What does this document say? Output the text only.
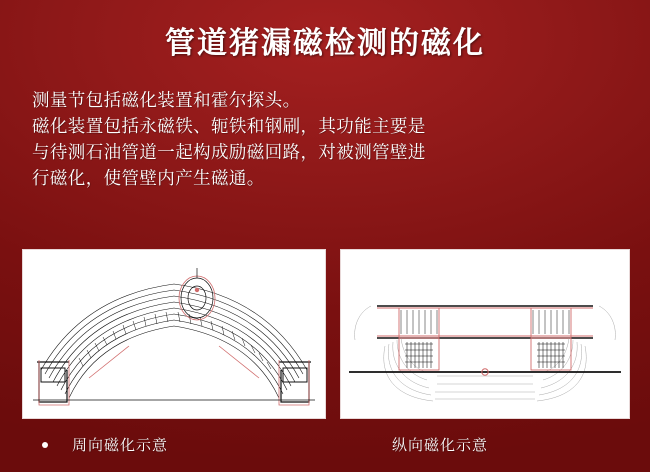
管道猪漏磁检测的磁化

测量节包括磁化装置和霍尔探头。

磁化装置包括永磁铁、轭铁和钢刷，其功能主要是

与待测石油管道一起构成励磁回路，对被测管壁进

行磁化，使管壁内产生磁通。

周向磁化示意	纵向磁化示意
